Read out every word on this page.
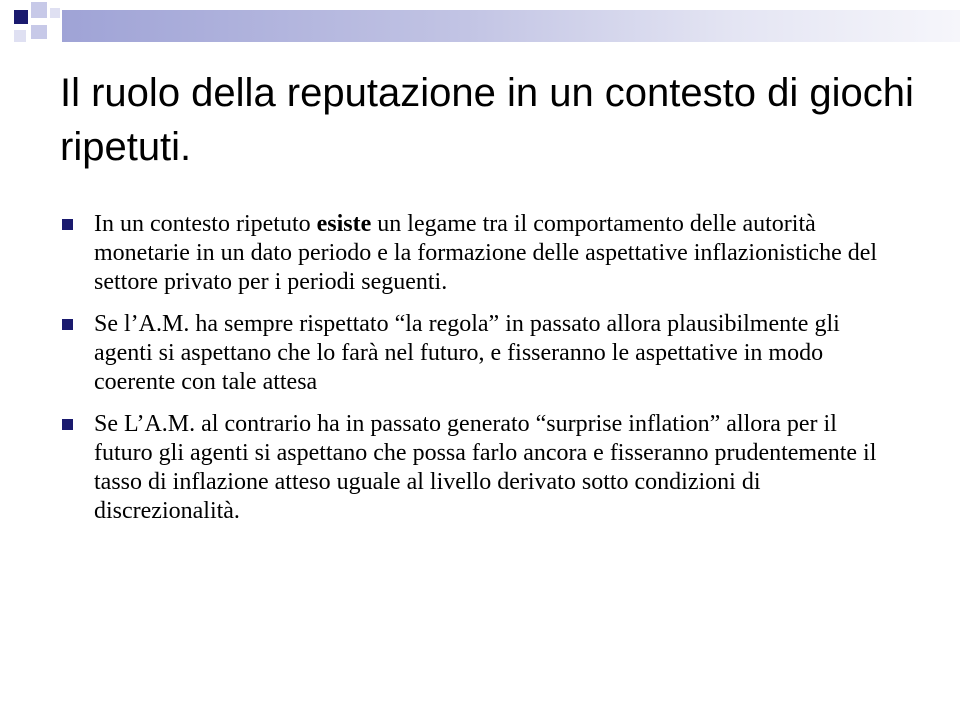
Il ruolo della reputazione in un contesto di giochi ripetuti.
In un contesto ripetuto esiste un legame tra il comportamento delle autorità monetarie in un dato periodo e la formazione delle aspettative inflazionistiche del settore privato per i periodi seguenti.
Se l’A.M. ha sempre rispettato “la regola” in passato allora plausibilmente gli agenti si aspettano che lo farà nel futuro, e fisseranno le aspettative in modo coerente con tale attesa
Se L’A.M. al contrario ha in passato generato “surprise inflation” allora per il futuro gli agenti si aspettano che possa farlo ancora e fisseranno prudentemente il tasso di inflazione atteso uguale al livello derivato sotto condizioni di discrezionalità.
